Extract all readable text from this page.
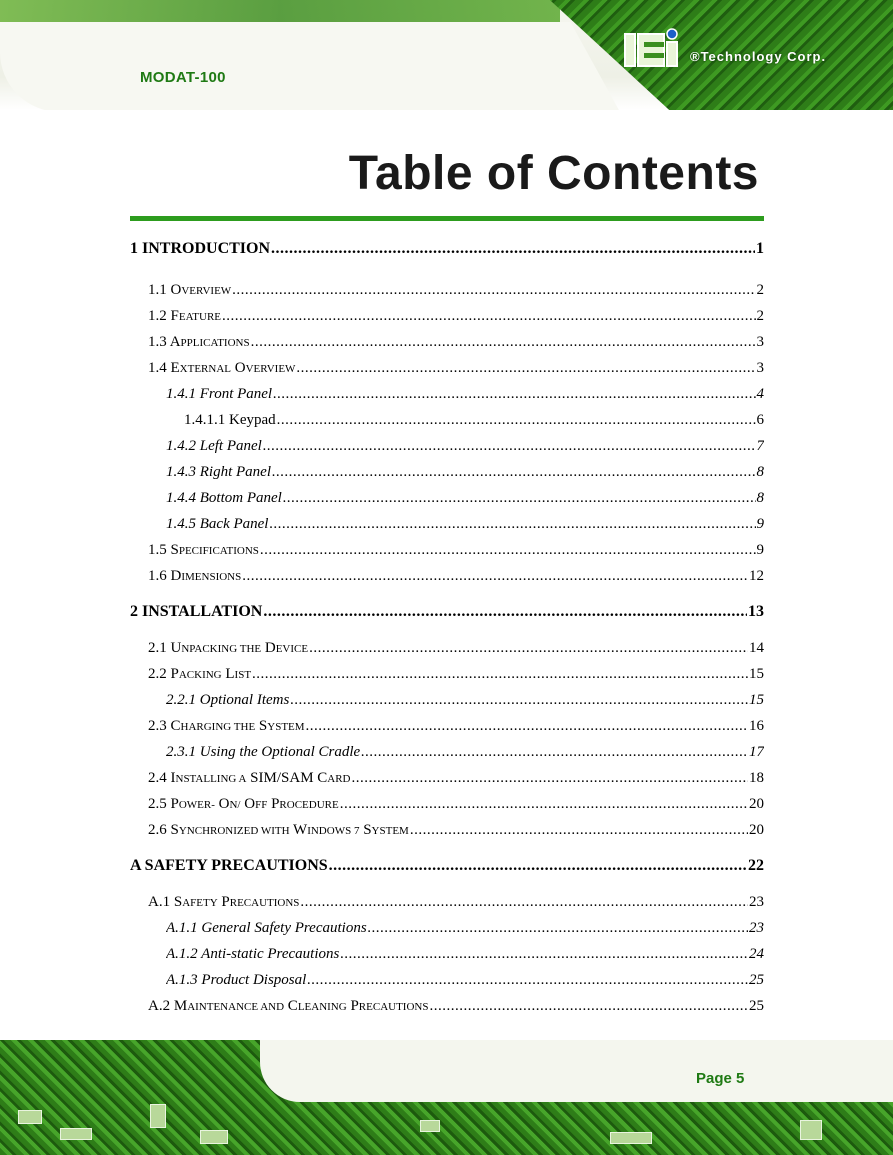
MODAT-100
®Technology Corp.
Table of Contents
1 INTRODUCTION .....	1
1.1 OVERVIEW .....	2
1.2 FEATURE .....	2
1.3 APPLICATIONS .....	3
1.4 EXTERNAL OVERVIEW .....	3
1.4.1 Front Panel .....	4
1.4.1.1 Keypad .....	6
1.4.2 Left Panel .....	7
1.4.3 Right Panel .....	8
1.4.4 Bottom Panel .....	8
1.4.5 Back Panel .....	9
1.5 SPECIFICATIONS .....	9
1.6 DIMENSIONS .....	12
2 INSTALLATION .....	13
2.1 UNPACKING THE DEVICE .....	14
2.2 PACKING LIST .....	15
2.2.1 Optional Items .....	15
2.3 CHARGING THE SYSTEM .....	16
2.3.1 Using the Optional Cradle .....	17
2.4 INSTALLING A SIM/SAM CARD .....	18
2.5 POWER- ON/ OFF PROCEDURE .....	20
2.6 SYNCHRONIZED WITH WINDOWS 7 SYSTEM .....	20
A SAFETY PRECAUTIONS .....	22
A.1 SAFETY PRECAUTIONS .....	23
A.1.1 General Safety Precautions .....	23
A.1.2 Anti-static Precautions .....	24
A.1.3 Product Disposal .....	25
A.2 MAINTENANCE AND CLEANING PRECAUTIONS .....	25
Page 5
